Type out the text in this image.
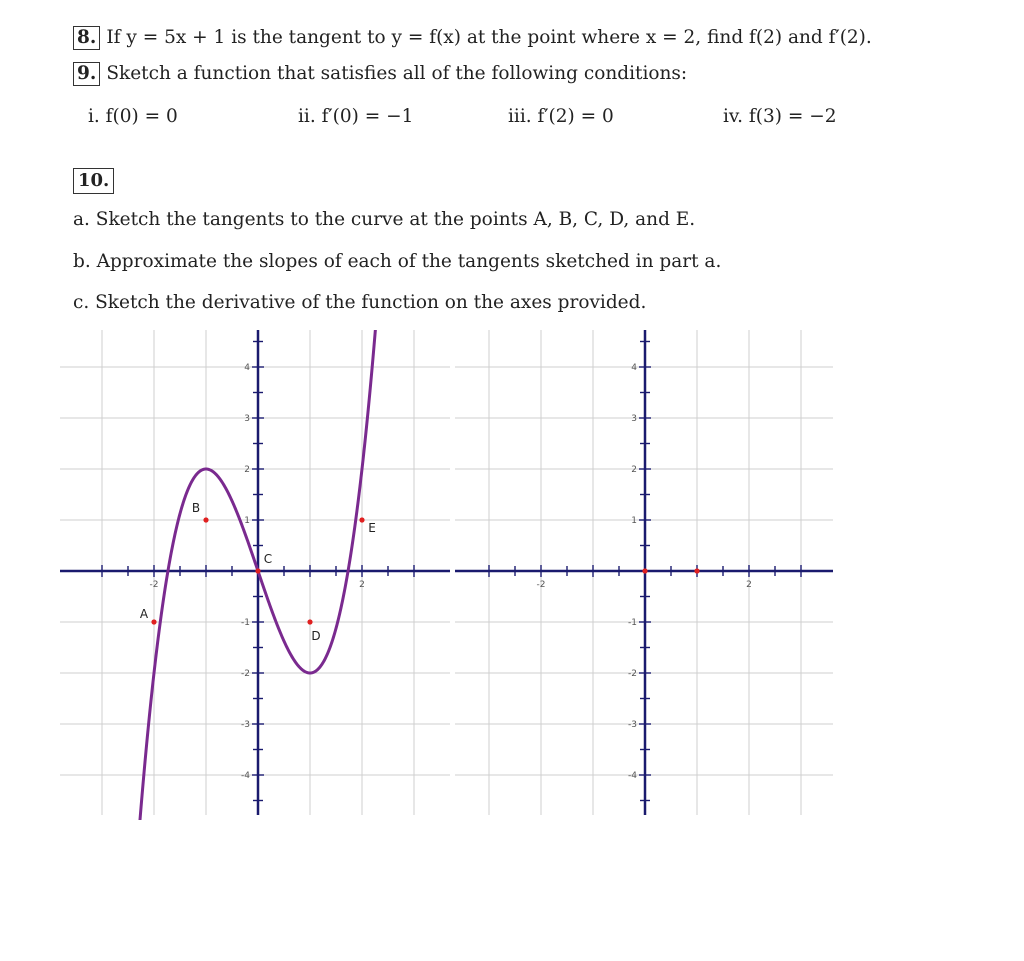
8. If y = 5x + 1 is the tangent to y = f(x) at the point where x = 2, find f(2) and f′(2).
9. Sketch a function that satisfies all of the following conditions:
i. f(0) = 0	ii. f′(0) = −1	iii. f′(2) = 0	iv. f(3) = −2
10.
a. Sketch the tangents to the curve at the points A, B, C, D, and E.
b. Approximate the slopes of each of the tangents sketched in part a.
c. Sketch the derivative of the function on the axes provided.
-2	2
4
3
2
1
-1
-2
-3
-4
A
B
C
D
E
-2	2
4
3
2
1
-1
-2
-3
-4
